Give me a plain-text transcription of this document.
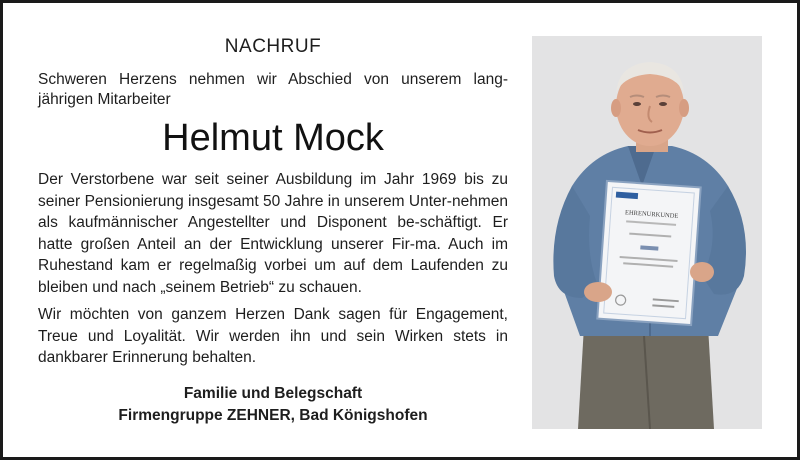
NACHRUF

Schweren Herzens nehmen wir Abschied von unserem lang-jährigen Mitarbeiter

Helmut Mock

Der Verstorbene war seit seiner Ausbildung im Jahr 1969 bis zu seiner Pensionierung insgesamt 50 Jahre in unserem Unter-nehmen als kaufmännischer Angestellter und Disponent be-schäftigt. Er hatte großen Anteil an der Entwicklung unserer Fir-ma. Auch im Ruhestand kam er regelmaßig vorbei um auf dem Laufenden zu bleiben und nach „seinem Betrieb“ zu schauen.

Wir möchten von ganzem Herzen Dank sagen für Engagement, Treue und Loyalität. Wir werden ihn und sein Wirken stets in dankbarer Erinnerung behalten.

Familie und Belegschaft
Firmengruppe ZEHNER, Bad Königshofen
EHRENURKUNDE
